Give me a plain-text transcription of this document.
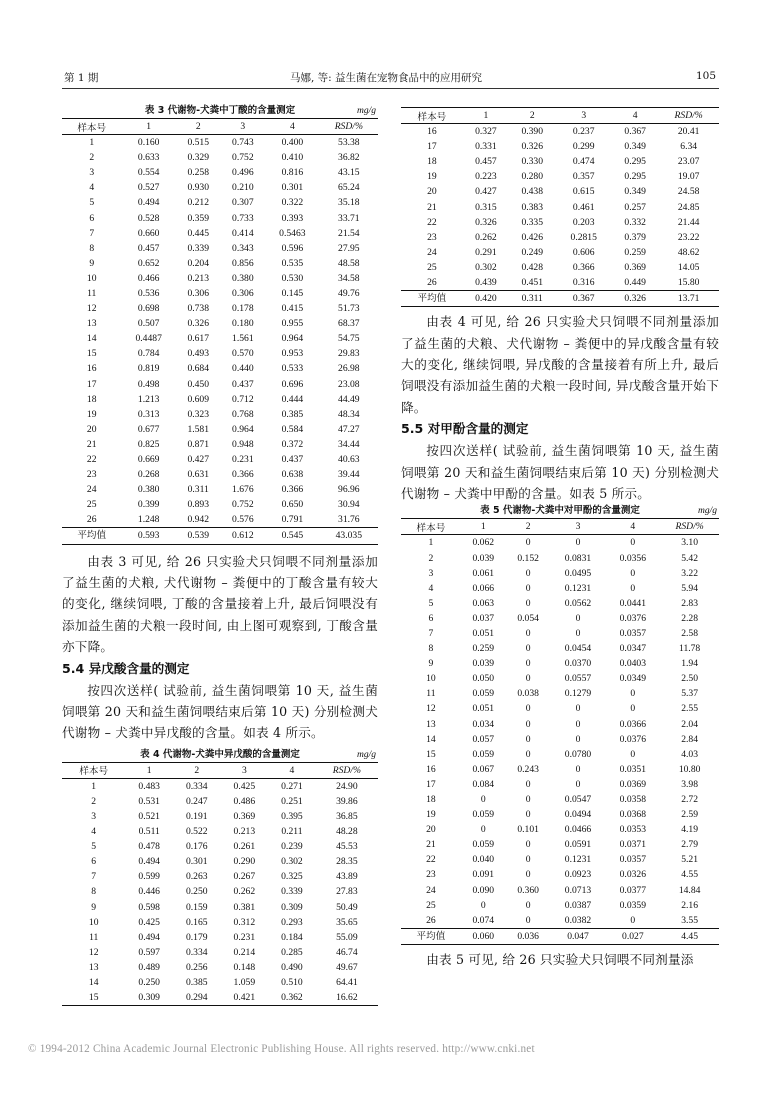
第 1 期	马娜, 等: 益生菌在宠物食品中的应用研究	105
表 3 代谢物-犬粪中丁酸的含量测定	mg/g
样本号	1	2	3	4	RSD/%
1	0.160	0.515	0.743	0.400	53.38
2	0.633	0.329	0.752	0.410	36.82
3	0.554	0.258	0.496	0.816	43.15
4	0.527	0.930	0.210	0.301	65.24
5	0.494	0.212	0.307	0.322	35.18
6	0.528	0.359	0.733	0.393	33.71
7	0.660	0.445	0.414	0.5463	21.54
8	0.457	0.339	0.343	0.596	27.95
9	0.652	0.204	0.856	0.535	48.58
10	0.466	0.213	0.380	0.530	34.58
11	0.536	0.306	0.306	0.145	49.76
12	0.698	0.738	0.178	0.415	51.73
13	0.507	0.326	0.180	0.955	68.37
14	0.4487	0.617	1.561	0.964	54.75
15	0.784	0.493	0.570	0.953	29.83
16	0.819	0.684	0.440	0.533	26.98
17	0.498	0.450	0.437	0.696	23.08
18	1.213	0.609	0.712	0.444	44.49
19	0.313	0.323	0.768	0.385	48.34
20	0.677	1.581	0.964	0.584	47.27
21	0.825	0.871	0.948	0.372	34.44
22	0.669	0.427	0.231	0.437	40.63
23	0.268	0.631	0.366	0.638	39.44
24	0.380	0.311	1.676	0.366	96.96
25	0.399	0.893	0.752	0.650	30.94
26	1.248	0.942	0.576	0.791	31.76
平均值	0.593	0.539	0.612	0.545	43.035

由表 3 可见, 给 26 只实验犬只饲喂不同剂量添加了益生菌的犬粮, 犬代谢物 – 粪便中的丁酸含量有较大的变化, 继续饲喂, 丁酸的含量接着上升, 最后饲喂没有添加益生菌的犬粮一段时间, 由上图可观察到, 丁酸含量亦下降。

5.4 异戊酸含量的测定

按四次送样( 试验前, 益生菌饲喂第 10 天, 益生菌饲喂第 20 天和益生菌饲喂结束后第 10 天) 分别检测犬代谢物 – 犬粪中异戊酸的含量。如表 4 所示。

表 4 代谢物-犬粪中异戊酸的含量测定	mg/g
样本号	1	2	3	4	RSD/%
1	0.483	0.334	0.425	0.271	24.90
2	0.531	0.247	0.486	0.251	39.86
3	0.521	0.191	0.369	0.395	36.85
4	0.511	0.522	0.213	0.211	48.28
5	0.478	0.176	0.261	0.239	45.53
6	0.494	0.301	0.290	0.302	28.35
7	0.599	0.263	0.267	0.325	43.89
8	0.446	0.250	0.262	0.339	27.83
9	0.598	0.159	0.381	0.309	50.49
10	0.425	0.165	0.312	0.293	35.65
11	0.494	0.179	0.231	0.184	55.09
12	0.597	0.334	0.214	0.285	46.74
13	0.489	0.256	0.148	0.490	49.67
14	0.250	0.385	1.059	0.510	64.41
15	0.309	0.294	0.421	0.362	16.62
样本号	1	2	3	4	RSD/%
16	0.327	0.390	0.237	0.367	20.41
17	0.331	0.326	0.299	0.349	6.34
18	0.457	0.330	0.474	0.295	23.07
19	0.223	0.280	0.357	0.295	19.07
20	0.427	0.438	0.615	0.349	24.58
21	0.315	0.383	0.461	0.257	24.85
22	0.326	0.335	0.203	0.332	21.44
23	0.262	0.426	0.2815	0.379	23.22
24	0.291	0.249	0.606	0.259	48.62
25	0.302	0.428	0.366	0.369	14.05
26	0.439	0.451	0.316	0.449	15.80
平均值	0.420	0.311	0.367	0.326	13.71

由表 4 可见, 给 26 只实验犬只饲喂不同剂量添加了益生菌的犬粮、犬代谢物 – 粪便中的异戊酸含量有较大的变化, 继续饲喂, 异戊酸的含量接着有所上升, 最后饲喂没有添加益生菌的犬粮一段时间, 异戊酸含量开始下降。

5.5 对甲酚含量的测定

按四次送样( 试验前, 益生菌饲喂第 10 天, 益生菌饲喂第 20 天和益生菌饲喂结束后第 10 天) 分别检测犬代谢物 – 犬粪中甲酚的含量。如表 5 所示。

表 5 代谢物-犬粪中对甲酚的含量测定	mg/g
样本号	1	2	3	4	RSD/%
1	0.062	0	0	0	3.10
2	0.039	0.152	0.0831	0.0356	5.42
3	0.061	0	0.0495	0	3.22
4	0.066	0	0.1231	0	5.94
5	0.063	0	0.0562	0.0441	2.83
6	0.037	0.054	0	0.0376	2.28
7	0.051	0	0	0.0357	2.58
8	0.259	0	0.0454	0.0347	11.78
9	0.039	0	0.0370	0.0403	1.94
10	0.050	0	0.0557	0.0349	2.50
11	0.059	0.038	0.1279	0	5.37
12	0.051	0	0	0	2.55
13	0.034	0	0	0.0366	2.04
14	0.057	0	0	0.0376	2.84
15	0.059	0	0.0780	0	4.03
16	0.067	0.243	0	0.0351	10.80
17	0.084	0	0	0.0369	3.98
18	0	0	0.0547	0.0358	2.72
19	0.059	0	0.0494	0.0368	2.59
20	0	0.101	0.0466	0.0353	4.19
21	0.059	0	0.0591	0.0371	2.79
22	0.040	0	0.1231	0.0357	5.21
23	0.091	0	0.0923	0.0326	4.55
24	0.090	0.360	0.0713	0.0377	14.84
25	0	0	0.0387	0.0359	2.16
26	0.074	0	0.0382	0	3.55
平均值	0.060	0.036	0.047	0.027	4.45

由表 5 可见, 给 26 只实验犬只饲喂不同剂量添

© 1994-2012 China Academic Journal Electronic Publishing House. All rights reserved. http://www.cnki.net
